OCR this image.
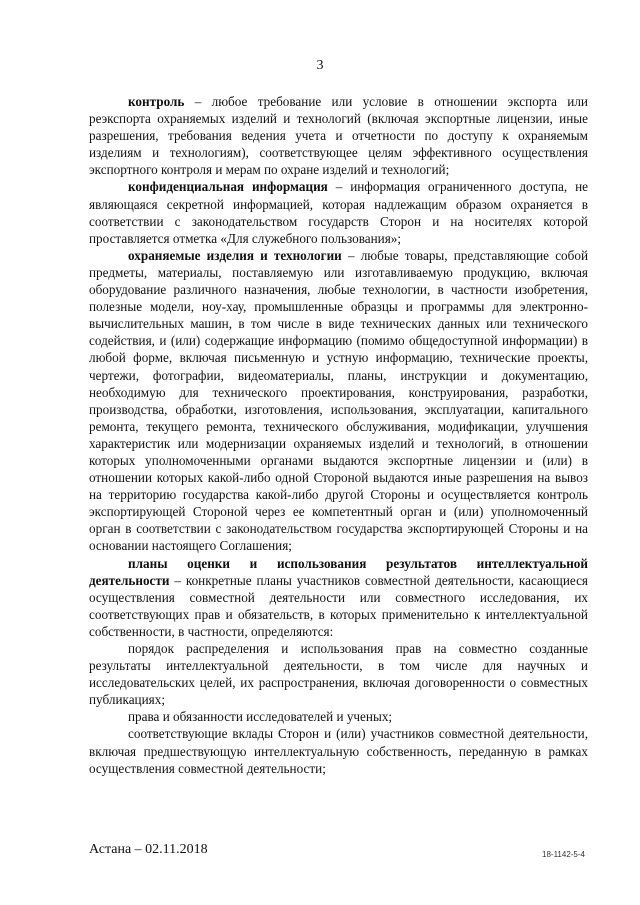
3

контроль – любое требование или условие в отношении экспорта или реэкспорта охраняемых изделий и технологий (включая экспортные лицензии, иные разрешения, требования ведения учета и отчетности по доступу к охраняемым изделиям и технологиям), соответствующее целям эффективного осуществления экспортного контроля и мерам по охране изделий и технологий;

конфиденциальная информация – информация ограниченного доступа, не являющаяся секретной информацией, которая надлежащим образом охраняется в соответствии с законодательством государств Сторон и на носителях которой проставляется отметка «Для служебного пользования»;

охраняемые изделия и технологии – любые товары, представляющие собой предметы, материалы, поставляемую или изготавливаемую продукцию, включая оборудование различного назначения, любые технологии, в частности изобретения, полезные модели, ноу-хау, промышленные образцы и программы для электронно-вычислительных машин, в том числе в виде технических данных или технического содействия, и (или) содержащие информацию (помимо общедоступной информации) в любой форме, включая письменную и устную информацию, технические проекты, чертежи, фотографии, видеоматериалы, планы, инструкции и документацию, необходимую для технического проектирования, конструирования, разработки, производства, обработки, изготовления, использования, эксплуатации, капитального ремонта, текущего ремонта, технического обслуживания, модификации, улучшения характеристик или модернизации охраняемых изделий и технологий, в отношении которых уполномоченными органами выдаются экспортные лицензии и (или) в отношении которых какой-либо одной Стороной выдаются иные разрешения на вывоз на территорию государства какой-либо другой Стороны и осуществляется контроль экспортирующей Стороной через ее компетентный орган и (или) уполномоченный орган в соответствии с законодательством государства экспортирующей Стороны и на основании настоящего Соглашения;

планы оценки и использования результатов интеллектуальной деятельности – конкретные планы участников совместной деятельности, касающиеся осуществления совместной деятельности или совместного исследования, их соответствующих прав и обязательств, в которых применительно к интеллектуальной собственности, в частности, определяются:

порядок распределения и использования прав на совместно созданные результаты интеллектуальной деятельности, в том числе для научных и исследовательских целей, их распространения, включая договоренности о совместных публикациях;

права и обязанности исследователей и ученых;

соответствующие вклады Сторон и (или) участников совместной деятельности, включая предшествующую интеллектуальную собственность, переданную в рамках осуществления совместной деятельности;

Астана – 02.11.2018	18-1142-5-4
